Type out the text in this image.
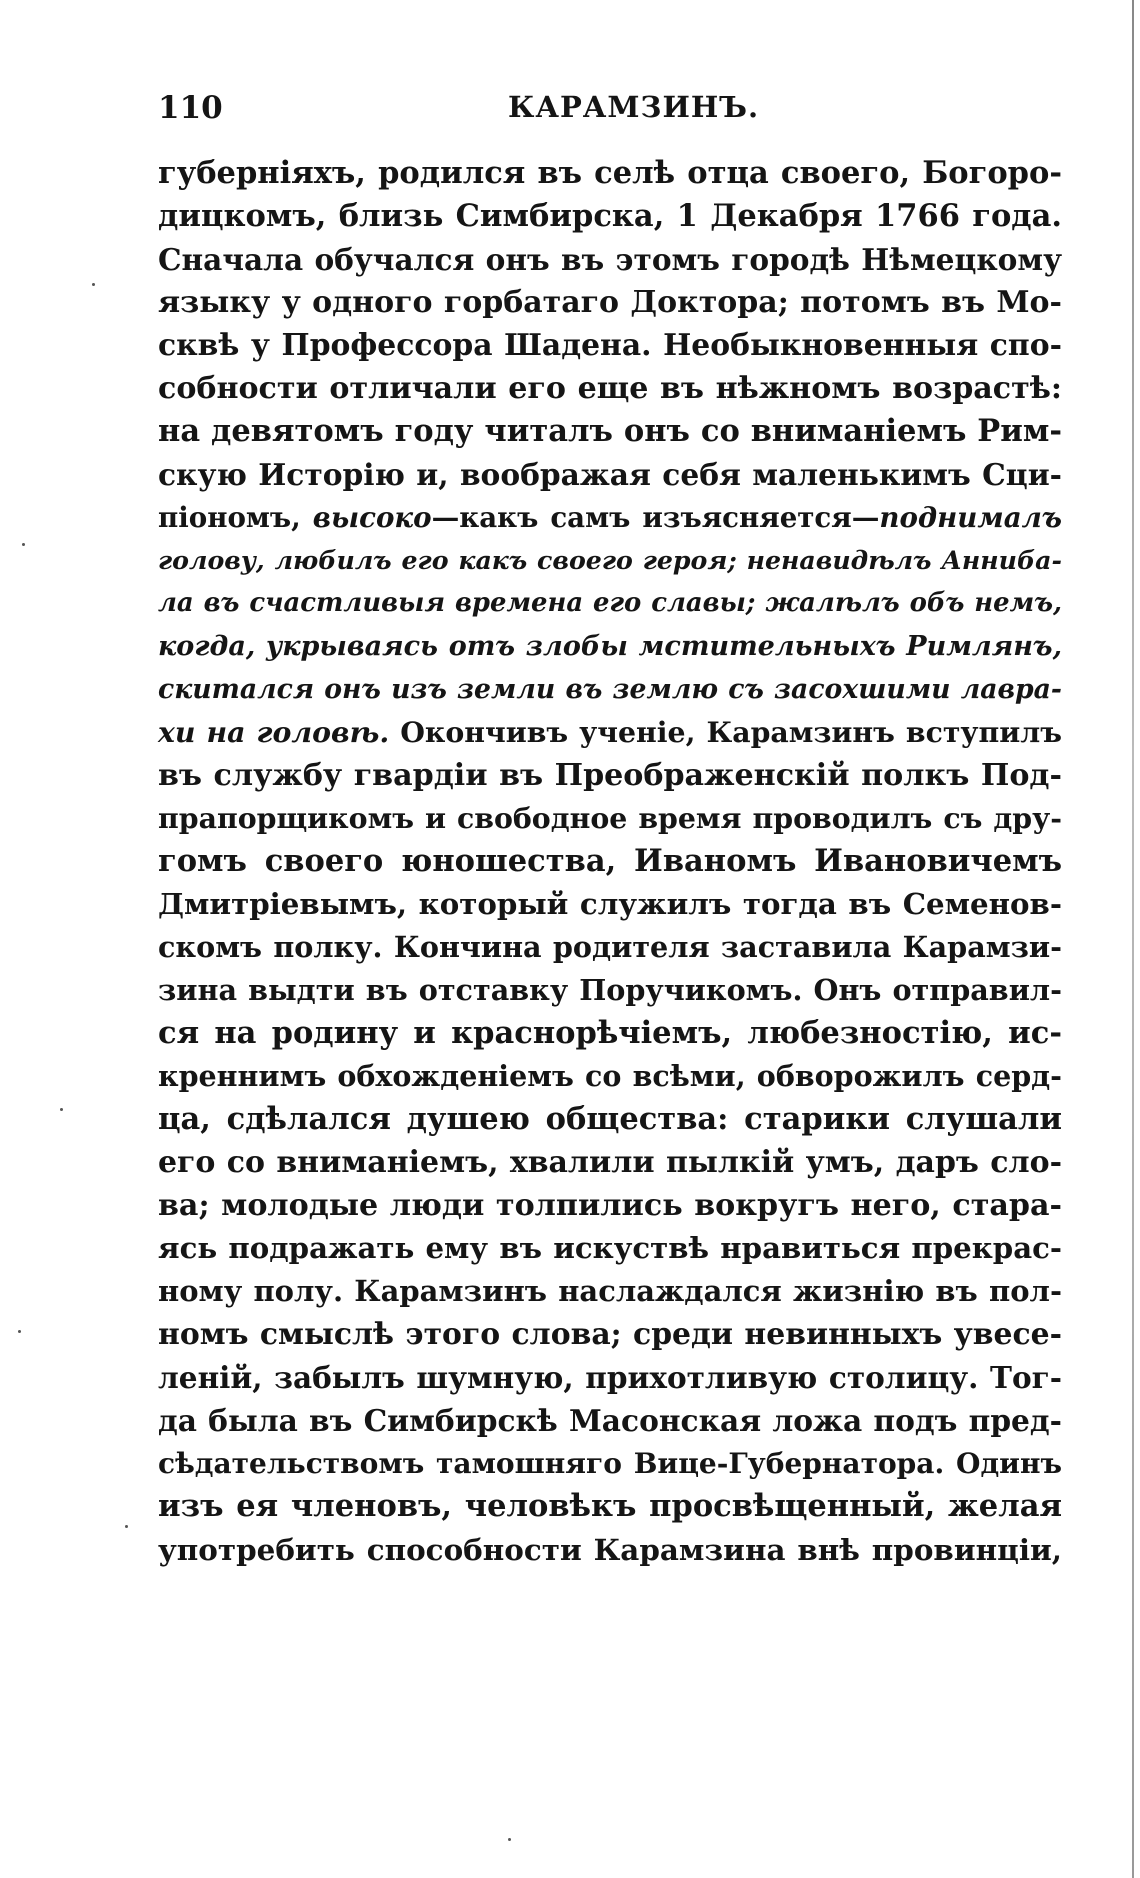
110	КАРАМЗИНЪ.
губерніяхъ, родился въ селѣ отца своего, Богоро-
дицкомъ, близь Симбирска, 1 Декабря 1766 года.
Сначала обучался онъ въ этомъ городѣ Нѣмецкому
языку у одного горбатаго Доктора; потомъ въ Мо-
сквѣ у Профессора Шадена. Необыкновенныя спо-
собности отличали его еще въ нѣжномъ возрастѣ:
на девятомъ году читалъ онъ со вниманіемъ Рим-
скую Исторію и, воображая себя маленькимъ Сци-
піономъ, высоко—какъ самъ изъясняется—поднималъ
голову, любилъ его какъ своего героя; ненавидѣлъ Анниба-
ла въ счастливыя времена его славы; жалѣлъ объ немъ,
когда, укрываясь отъ злобы мстительныхъ Римлянъ,
скитался онъ изъ земли въ землю съ засохшими лавра-
хи на головѣ. Окончивъ ученіе, Карамзинъ вступилъ
въ службу гвардіи въ Преображенскій полкъ Под-
прапорщикомъ и свободное время проводилъ съ дру-
гомъ своего юношества, Иваномъ Ивановичемъ
Дмитріевымъ, который служилъ тогда въ Семенов-
скомъ полку. Кончина родителя заставила Карамзи-
зина выдти въ отставку Поручикомъ. Онъ отправил-
ся на родину и краснорѣчіемъ, любезностію, ис-
креннимъ обхожденіемъ со всѣми, обворожилъ серд-
ца, сдѣлался душею общества: старики слушали
его со вниманіемъ, хвалили пылкій умъ, даръ сло-
ва; молодые люди толпились вокругъ него, стара-
ясь подражать ему въ искуствѣ нравиться прекрас-
ному полу. Карамзинъ наслаждался жизнію въ пол-
номъ смыслѣ этого слова; среди невинныхъ увесе-
леній, забылъ шумную, прихотливую столицу. Тог-
да была въ Симбирскѣ Масонская ложа подъ пред-
сѣдательствомъ тамошняго Вице-Губернатора. Одинъ
изъ ея членовъ, человѣкъ просвѣщенный, желая
употребить способности Карамзина внѣ провинціи,
